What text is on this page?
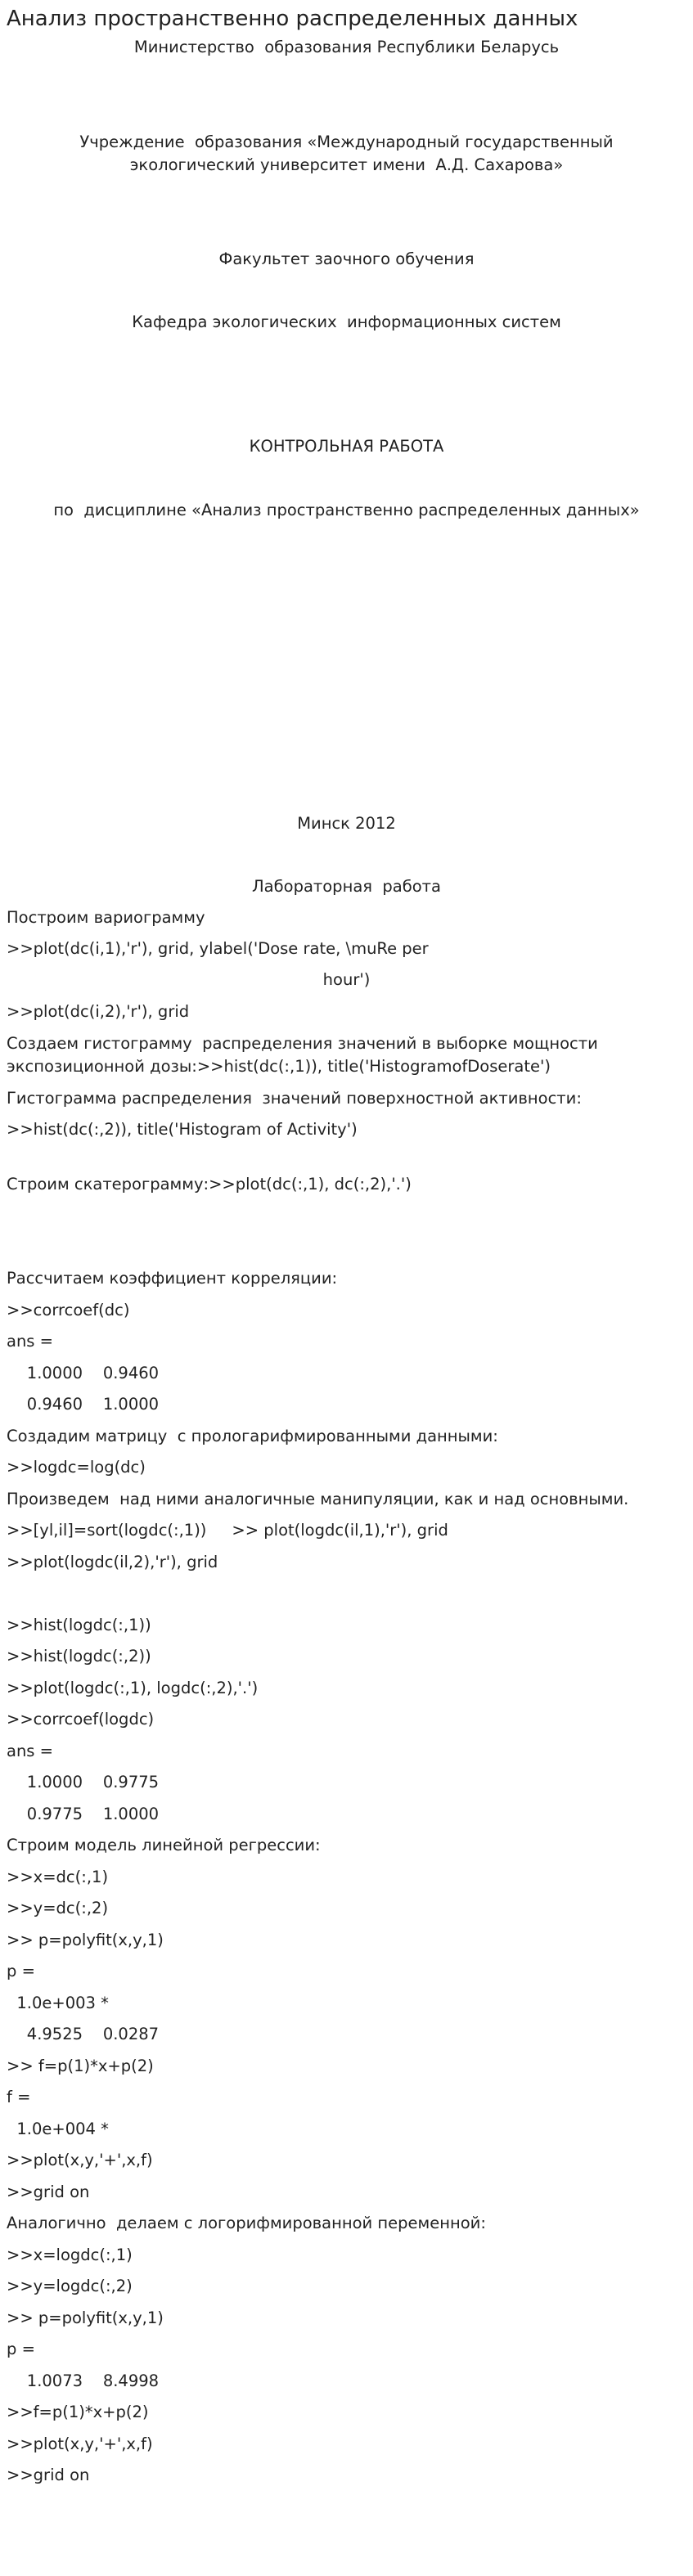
Анализ пространственно распределенных данных
Министерство  образования Республики Беларусь
Учреждение  образования «Международный государственный
экологический университет имени  А.Д. Сахарова»
Факультет заочного обучения
Кафедра экологических  информационных систем
КОНТРОЛЬНАЯ РАБОТА
по  дисциплине «Анализ пространственно распределенных данных»
Минск 2012
Лабораторная  работа
Построим вариограмму
>>plot(dc(i,1),'r'), grid, ylabel('Dose rate, \muRe per
hour')
>>plot(dc(i,2),'r'), grid
Создаем гистограмму  распределения значений в выборке мощности
экспозиционной дозы:>>hist(dc(:,1)), title('HistogramofDoserate')
Гистограмма распределения  значений поверхностной активности:
>>hist(dc(:,2)), title('Histogram of Activity')
Строим скатерограмму:>>plot(dc(:,1), dc(:,2),'.')
Рассчитаем коэффициент корреляции:
>>corrcoef(dc)
ans =
1.0000    0.9460
0.9460    1.0000
Создадим матрицу  с прологарифмированными данными:
>>logdc=log(dc)
Произведем  над ними аналогичные манипуляции, как и над основными.
>>[yl,il]=sort(logdc(:,1))     >> plot(logdc(il,1),'r'), grid
>>plot(logdc(il,2),'r'), grid
>>hist(logdc(:,1))
>>hist(logdc(:,2))
>>plot(logdc(:,1), logdc(:,2),'.')
>>corrcoef(logdc)
ans =
1.0000    0.9775
0.9775    1.0000
Строим модель линейной регрессии:
>>x=dc(:,1)
>>y=dc(:,2)
>> p=polyfit(x,y,1)
p =
1.0e+003 *
4.9525    0.0287
>> f=p(1)*x+p(2)
f =
1.0e+004 *
>>plot(x,y,'+',x,f)
>>grid on
Аналогично  делаем с логорифмированной переменной:
>>x=logdc(:,1)
>>y=logdc(:,2)
>> p=polyfit(x,y,1)
p =
1.0073    8.4998
>>f=p(1)*x+p(2)
>>plot(x,y,'+',x,f)
>>grid on
